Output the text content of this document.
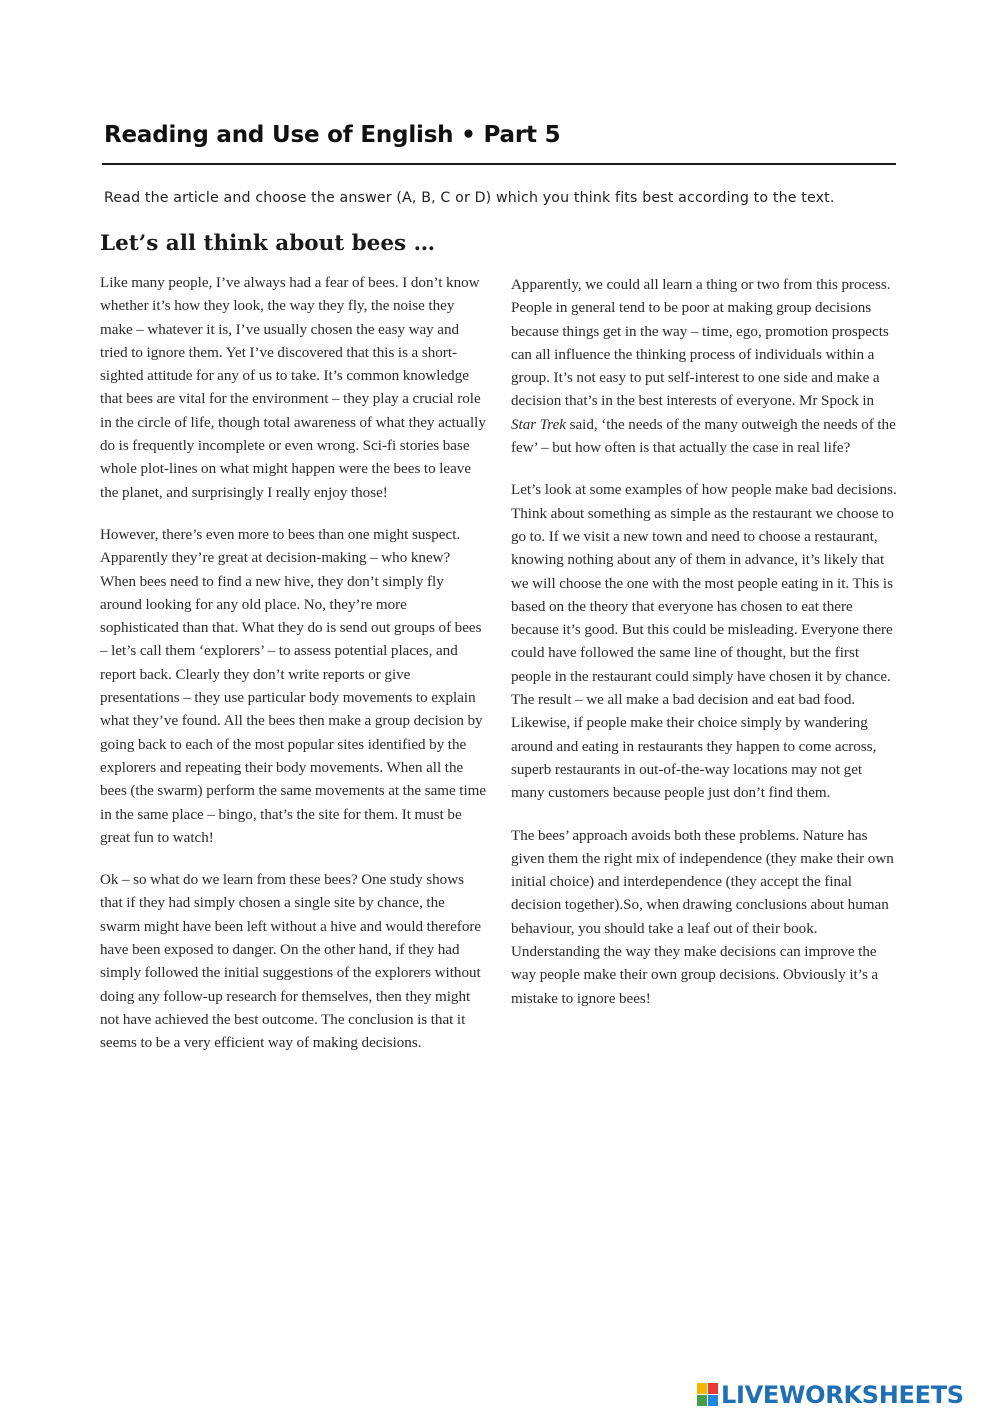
Reading and Use of English • Part 5

Read the article and choose the answer (A, B, C or D) which you think fits best according to the text.

Let’s all think about bees …

Like many people, I’ve always had a fear of bees. I don’t know whether it’s how they look, the way they fly, the noise they make – whatever it is, I’ve usually chosen the easy way and tried to ignore them. Yet I’ve discovered that this is a short-sighted attitude for any of us to take. It’s common knowledge that bees are vital for the environment – they play a crucial role in the circle of life, though total awareness of what they actually do is frequently incomplete or even wrong. Sci-fi stories base whole plot-lines on what might happen were the bees to leave the planet, and surprisingly I really enjoy those!

However, there’s even more to bees than one might suspect. Apparently they’re great at decision-making – who knew? When bees need to find a new hive, they don’t simply fly around looking for any old place. No, they’re more sophisticated than that. What they do is send out groups of bees – let’s call them ‘explorers’ – to assess potential places, and report back. Clearly they don’t write reports or give presentations – they use particular body movements to explain what they’ve found. All the bees then make a group decision by going back to each of the most popular sites identified by the explorers and repeating their body movements. When all the bees (the swarm) perform the same movements at the same time in the same place – bingo, that’s the site for them. It must be great fun to watch!

Ok – so what do we learn from these bees? One study shows that if they had simply chosen a single site by chance, the swarm might have been left without a hive and would therefore have been exposed to danger. On the other hand, if they had simply followed the initial suggestions of the explorers without doing any follow-up research for themselves, then they might not have achieved the best outcome. The conclusion is that it seems to be a very efficient way of making decisions.

Apparently, we could all learn a thing or two from this process. People in general tend to be poor at making group decisions because things get in the way – time, ego, promotion prospects can all influence the thinking process of individuals within a group. It’s not easy to put self-interest to one side and make a decision that’s in the best interests of everyone. Mr Spock in Star Trek said, ‘the needs of the many outweigh the needs of the few’ – but how often is that actually the case in real life?

Let’s look at some examples of how people make bad decisions. Think about something as simple as the restaurant we choose to go to. If we visit a new town and need to choose a restaurant, knowing nothing about any of them in advance, it’s likely that we will choose the one with the most people eating in it. This is based on the theory that everyone has chosen to eat there because it’s good. But this could be misleading. Everyone there could have followed the same line of thought, but the first people in the restaurant could simply have chosen it by chance. The result – we all make a bad decision and eat bad food. Likewise, if people make their choice simply by wandering around and eating in restaurants they happen to come across, superb restaurants in out-of-the-way locations may not get many customers because people just don’t find them.

The bees’ approach avoids both these problems. Nature has given them the right mix of independence (they make their own initial choice) and interdependence (they accept the final decision together).So, when drawing conclusions about human behaviour, you should take a leaf out of their book. Understanding the way they make decisions can improve the way people make their own group decisions. Obviously it’s a mistake to ignore bees!

LIVEWORKSHEETS
